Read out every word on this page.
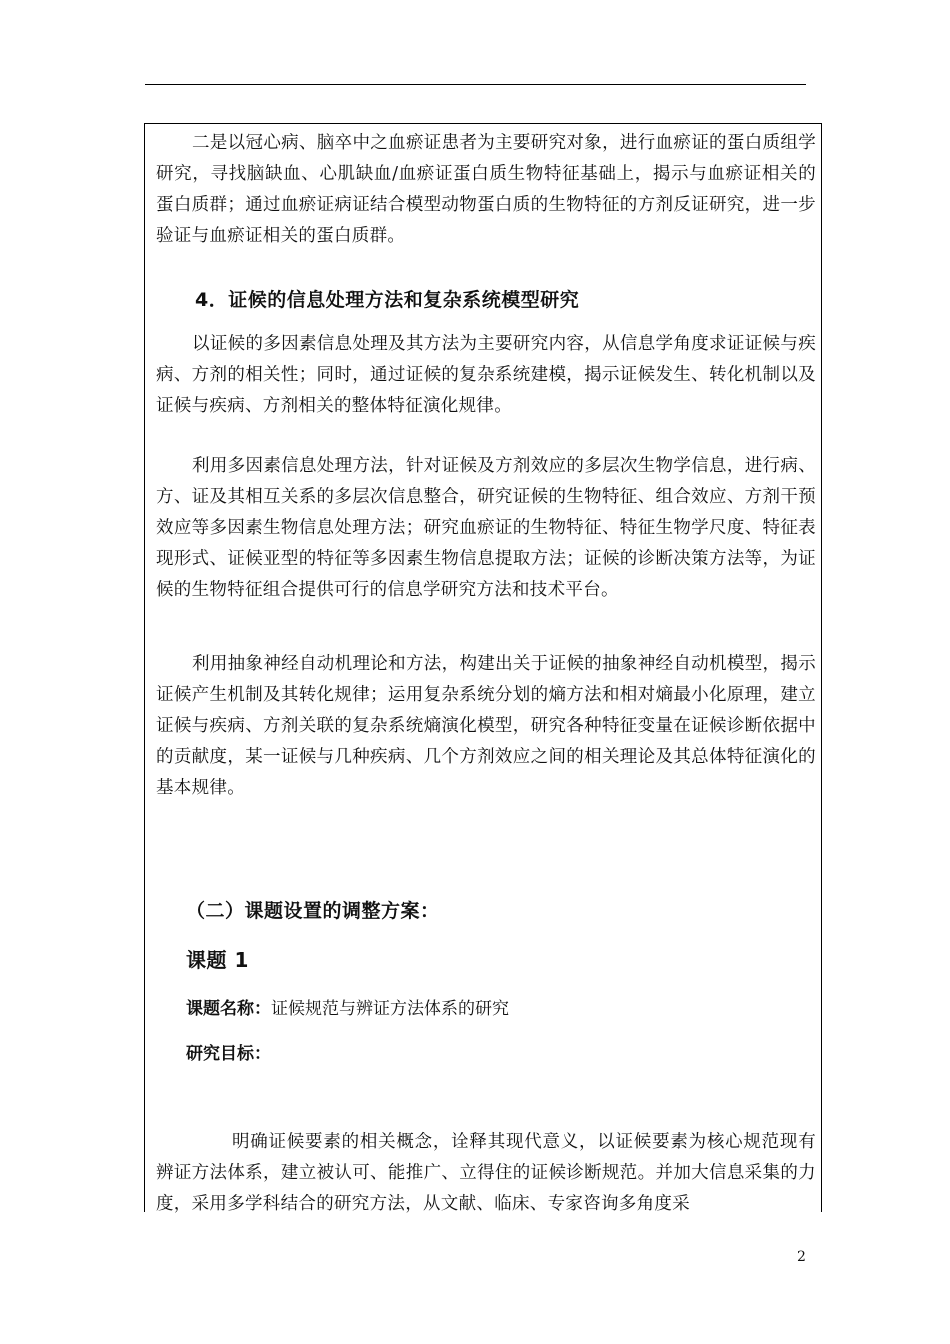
二是以冠心病、脑卒中之血瘀证患者为主要研究对象，进行血瘀证的蛋白质组学研究，寻找脑缺血、心肌缺血/血瘀证蛋白质生物特征基础上，揭示与血瘀证相关的蛋白质群；通过血瘀证病证结合模型动物蛋白质的生物特征的方剂反证研究，进一步验证与血瘀证相关的蛋白质群。
4．证候的信息处理方法和复杂系统模型研究
以证候的多因素信息处理及其方法为主要研究内容，从信息学角度求证证候与疾病、方剂的相关性；同时，通过证候的复杂系统建模，揭示证候发生、转化机制以及证候与疾病、方剂相关的整体特征演化规律。
利用多因素信息处理方法，针对证候及方剂效应的多层次生物学信息，进行病、方、证及其相互关系的多层次信息整合，研究证候的生物特征、组合效应、方剂干预效应等多因素生物信息处理方法；研究血瘀证的生物特征、特征生物学尺度、特征表现形式、证候亚型的特征等多因素生物信息提取方法；证候的诊断决策方法等，为证候的生物特征组合提供可行的信息学研究方法和技术平台。
利用抽象神经自动机理论和方法，构建出关于证候的抽象神经自动机模型，揭示证候产生机制及其转化规律；运用复杂系统分划的熵方法和相对熵最小化原理，建立证候与疾病、方剂关联的复杂系统熵演化模型，研究各种特征变量在证候诊断依据中的贡献度，某一证候与几种疾病、几个方剂效应之间的相关理论及其总体特征演化的基本规律。
（二）课题设置的调整方案：
课题 1
课题名称：证候规范与辨证方法体系的研究
研究目标：
明确证候要素的相关概念，诠释其现代意义，以证候要素为核心规范现有辨证方法体系，建立被认可、能推广、立得住的证候诊断规范。并加大信息采集的力度，采用多学科结合的研究方法，从文献、临床、专家咨询多角度采
2
